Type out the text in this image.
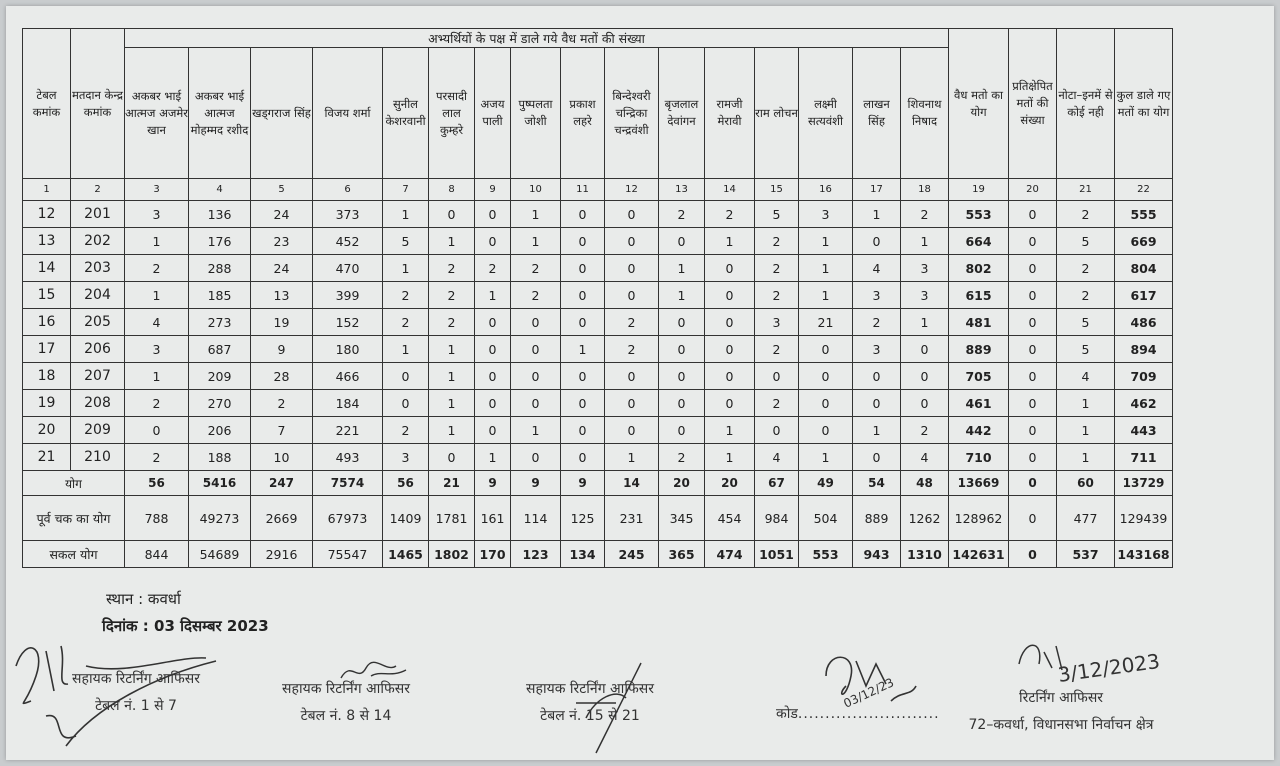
टेबल कमांक	मतदान केन्द्र कमांक	अभ्यर्थियों के पक्ष में डाले गये वैध मतों की संख्या																वैध मतो का योग	प्रतिक्षेपित मतों की संख्या	नोटा–इनमें से कोई नही	कुल डाले गए मतों का योग
		अकबर भाई आत्मज अजमेर खान	अकबर भाई आत्मज मोहम्मद रशीद	खड्गराज सिंह	विजय शर्मा	सुनील केशरवानी	परसादी लाल कुम्हरे	अजय पाली	पुष्पलता जोशी	प्रकाश लहरे	बिन्देश्वरी चन्द्रिका चन्द्रवंशी	बृजलाल देवांगन	रामजी मेरावी	राम लोचन	लक्ष्मी सत्यवंशी	लाखन सिंह	शिवनाथ निषाद				
1	2	3	4	5	6	7	8	9	10	11	12	13	14	15	16	17	18	19	20	21	22
12	201	3	136	24	373	1	0	0	1	0	0	2	2	5	3	1	2	553	0	2	555
13	202	1	176	23	452	5	1	0	1	0	0	0	1	2	1	0	1	664	0	5	669
14	203	2	288	24	470	1	2	2	2	0	0	1	0	2	1	4	3	802	0	2	804
15	204	1	185	13	399	2	2	1	2	0	0	1	0	2	1	3	3	615	0	2	617
16	205	4	273	19	152	2	2	0	0	0	2	0	0	3	21	2	1	481	0	5	486
17	206	3	687	9	180	1	1	0	0	1	2	0	0	2	0	3	0	889	0	5	894
18	207	1	209	28	466	0	1	0	0	0	0	0	0	0	0	0	0	705	0	4	709
19	208	2	270	2	184	0	1	0	0	0	0	0	0	2	0	0	0	461	0	1	462
20	209	0	206	7	221	2	1	0	1	0	0	0	1	0	0	1	2	442	0	1	443
21	210	2	188	10	493	3	0	1	0	0	1	2	1	4	1	0	4	710	0	1	711
योग		56	5416	247	7574	56	21	9	9	9	14	20	20	67	49	54	48	13669	0	60	13729
पूर्व चक का योग		788	49273	2669	67973	1409	1781	161	114	125	231	345	454	984	504	889	1262	128962	0	477	129439
सकल योग		844	54689	2916	75547	1465	1802	170	123	134	245	365	474	1051	553	943	1310	142631	0	537	143168
स्थान : कवर्धा
दिनांक : 03 दिसम्बर 2023
सहायक रिटर्निंग आफिसर
टेबल नं. 1 से 7
सहायक रिटर्निंग आफिसर
टेबल नं. 8 से 14
सहायक रिटर्निंग आफिसर
टेबल नं. 15 से 21	कोड..........................
रिटर्निंग आफिसर
72–कवर्धा, विधानसभा निर्वाचन क्षेत्र
03/12/23
3/12/2023
